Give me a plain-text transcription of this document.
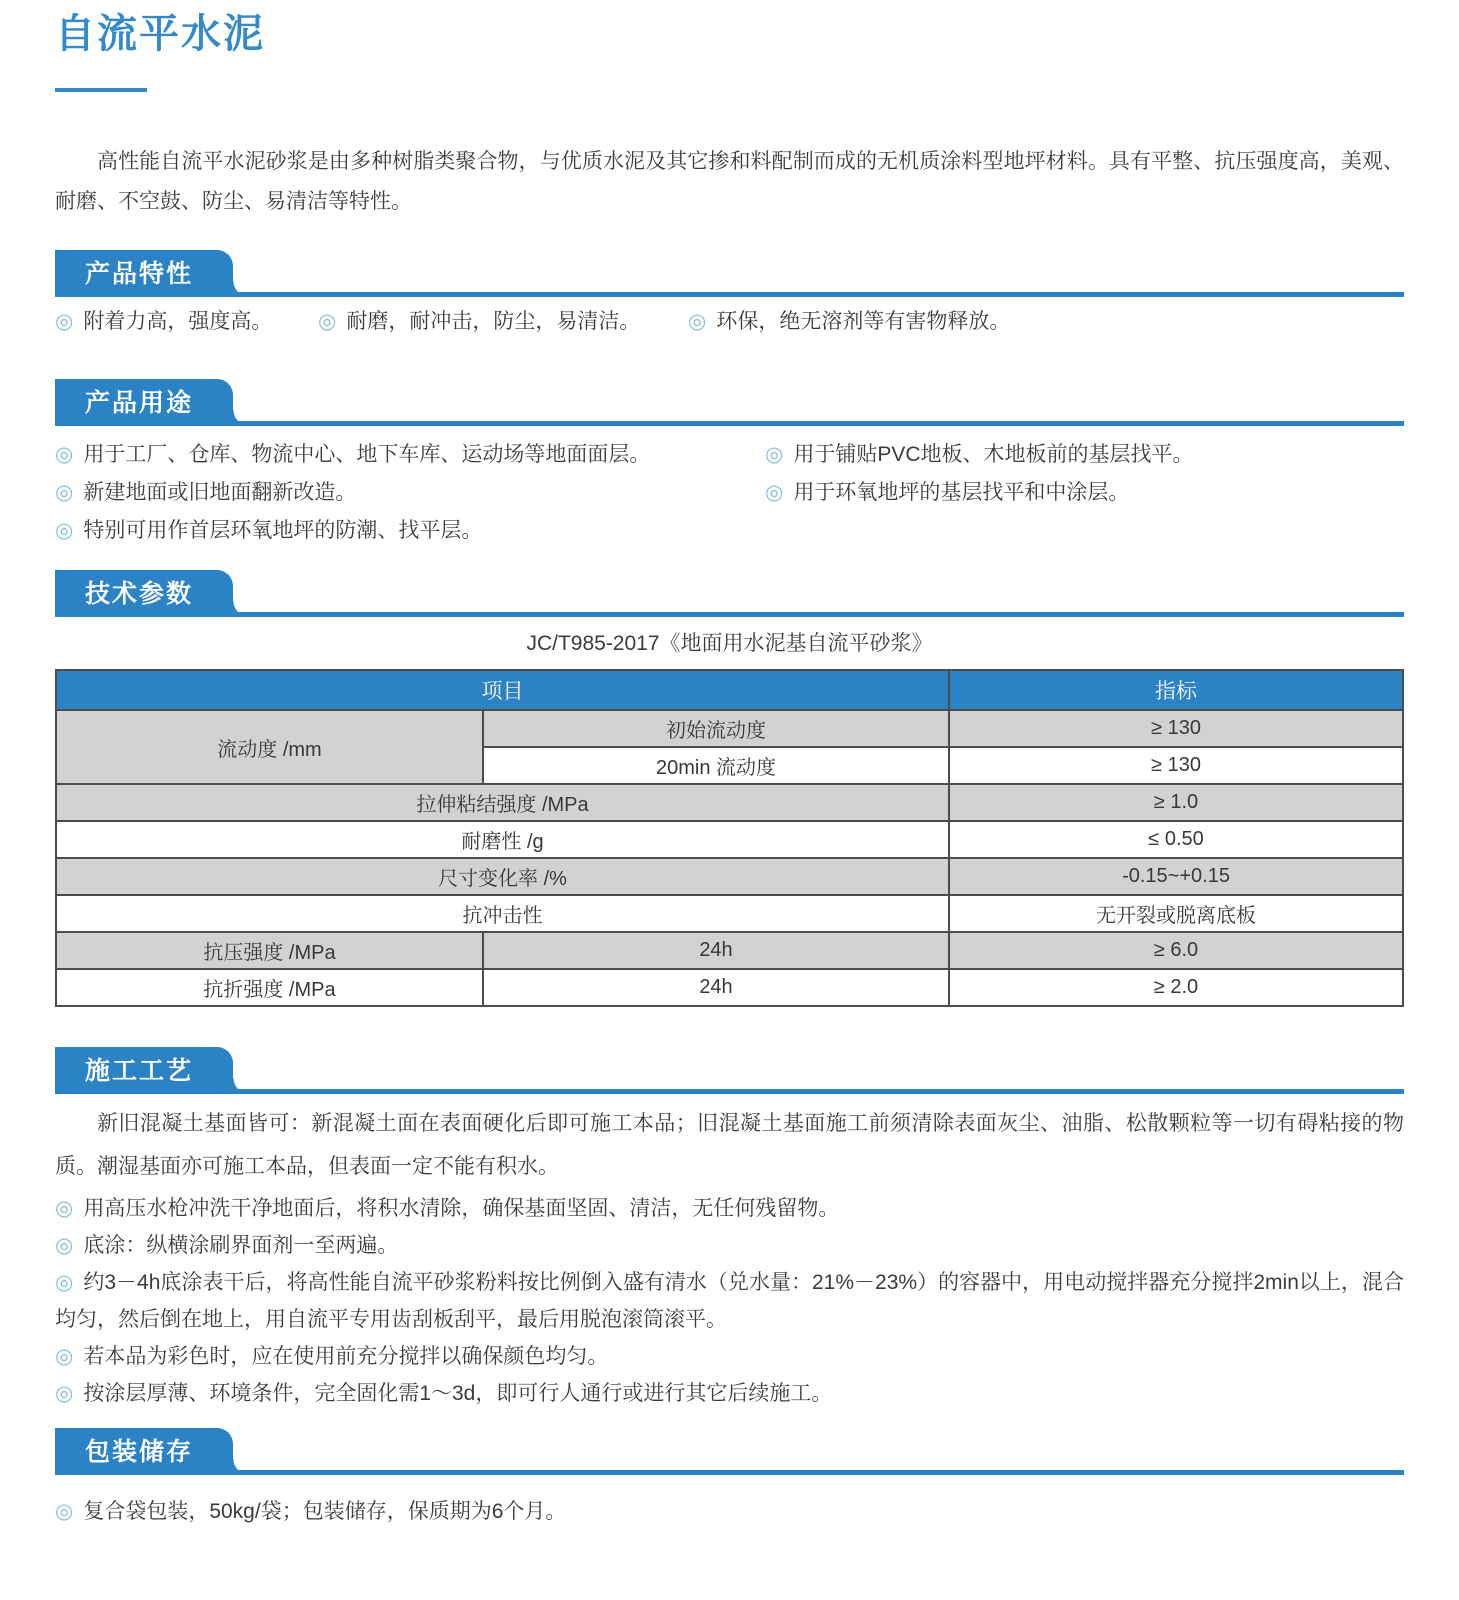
自流平水泥

高性能自流平水泥砂浆是由多种树脂类聚合物，与优质水泥及其它掺和料配制而成的无机质涂料型地坪材料。具有平整、抗压强度高，美观、耐磨、不空鼓、防尘、易清洁等特性。

产品特性
◎ 附着力高，强度高。	◎ 耐磨，耐冲击，防尘，易清洁。	◎ 环保，绝无溶剂等有害物释放。
产品用途
◎ 用于工厂、仓库、物流中心、地下车库、运动场等地面面层。
◎ 新建地面或旧地面翻新改造。
◎ 特别可用作首层环氧地坪的防潮、找平层。
◎ 用于铺贴PVC地板、木地板前的基层找平。
◎ 用于环氧地坪的基层找平和中涂层。
技术参数
JC/T985-2017《地面用水泥基自流平砂浆》
项目		指标
流动度 /mm	初始流动度	≥ 130
	20min 流动度	≥ 130
拉伸粘结强度 /MPa		≥ 1.0
耐磨性 /g		≤ 0.50
尺寸变化率 /%		-0.15~+0.15
抗冲击性		无开裂或脱离底板
抗压强度 /MPa	24h	≥ 6.0
抗折强度 /MPa	24h	≥ 2.0
施工工艺

新旧混凝土基面皆可：新混凝土面在表面硬化后即可施工本品；旧混凝土基面施工前须清除表面灰尘、油脂、松散颗粒等一切有碍粘接的物质。潮湿基面亦可施工本品，但表面一定不能有积水。

◎ 用高压水枪冲洗干净地面后，将积水清除，确保基面坚固、清洁，无任何残留物。

◎ 底涂：纵横涂刷界面剂一至两遍。

◎ 约3－4h底涂表干后，将高性能自流平砂浆粉料按比例倒入盛有清水（兑水量：21%－23%）的容器中，用电动搅拌器充分搅拌2min以上，混合均匀，然后倒在地上，用自流平专用齿刮板刮平，最后用脱泡滚筒滚平。

◎ 若本品为彩色时，应在使用前充分搅拌以确保颜色均匀。

◎ 按涂层厚薄、环境条件，完全固化需1～3d，即可行人通行或进行其它后续施工。

包装储存
◎ 复合袋包装，50kg/袋；包装储存，保质期为6个月。
